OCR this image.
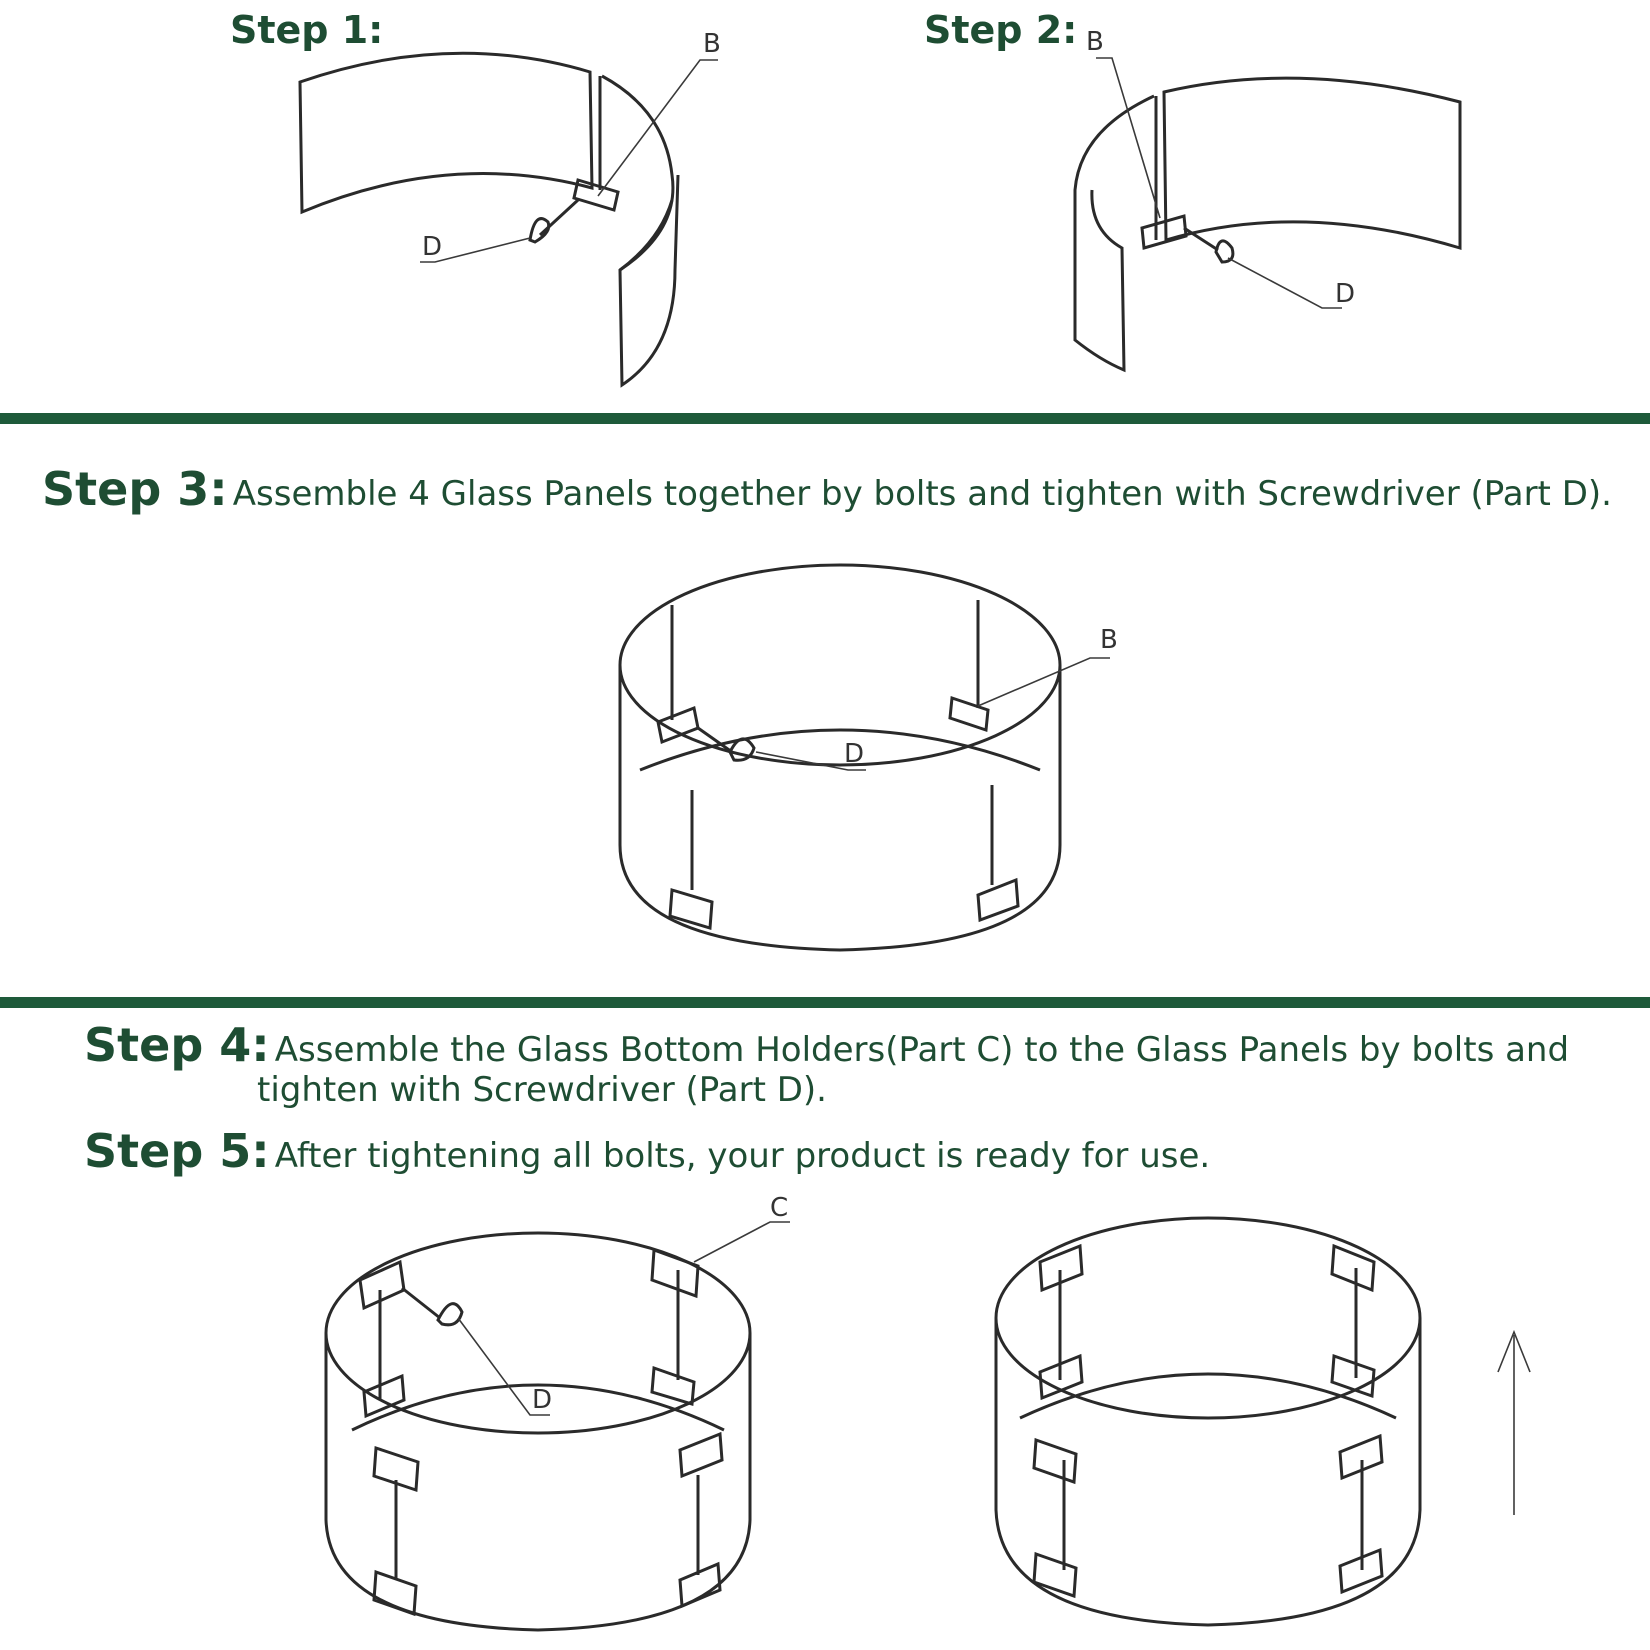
Step 1:	Step 2:
Step 3: Assemble 4 Glass Panels together by bolts and tighten with Screwdriver (Part D).
Step 4: Assemble the Glass Bottom Holders(Part C) to the Glass Panels by bolts and
tighten with Screwdriver (Part D).
Step 5: After tightening all bolts, your product is ready for use.
B
D
B
D
B
D
C
D
